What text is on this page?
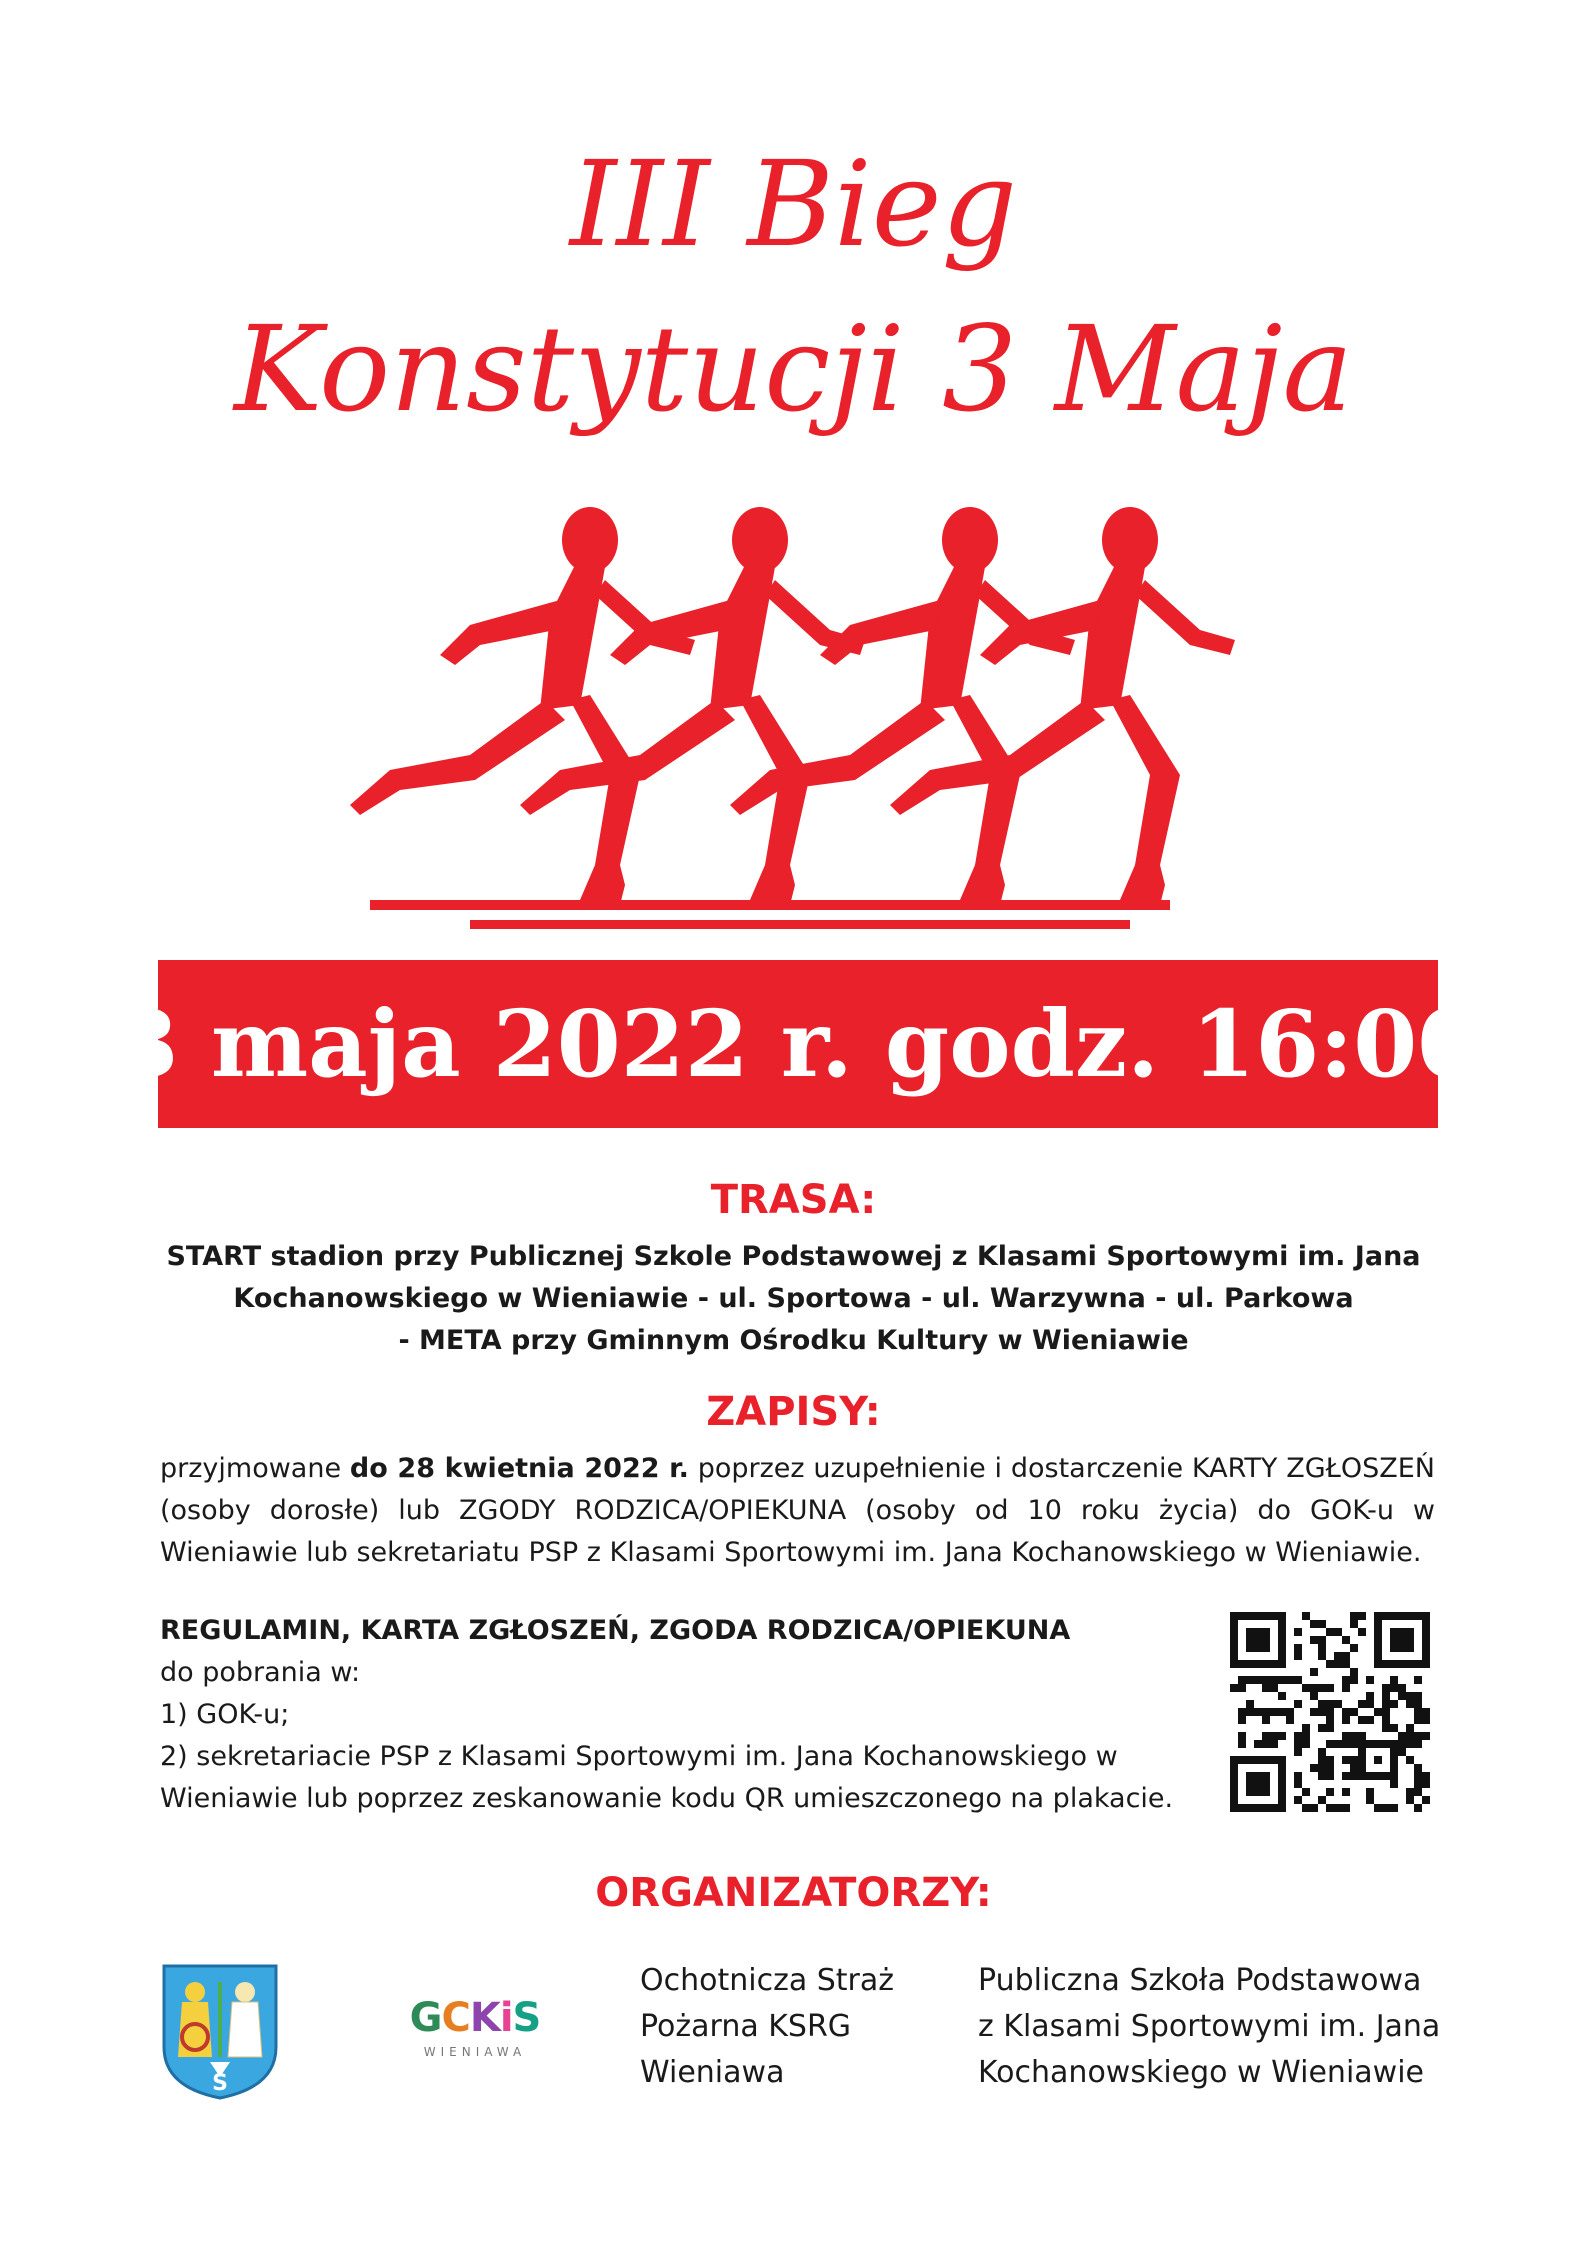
III Bieg
Konstytucji 3 Maja
3 maja 2022 r. godz. 16:00
TRASA:
START stadion przy Publicznej Szkole Podstawowej z Klasami Sportowymi im. Jana
Kochanowskiego w Wieniawie - ul. Sportowa - ul. Warzywna - ul. Parkowa
- META przy Gminnym Ośrodku Kultury w Wieniawie
ZAPISY:
przyjmowane do 28 kwietnia 2022 r. poprzez uzupełnienie i dostarczenie KARTY ZGŁOSZEŃ (osoby dorosłe) lub ZGODY RODZICA/OPIEKUNA (osoby od 10 roku życia) do GOK-u w Wieniawie lub sekretariatu PSP z Klasami Sportowymi im. Jana Kochanowskiego w Wieniawie.
REGULAMIN, KARTA ZGŁOSZEŃ, ZGODA RODZICA/OPIEKUNA
do pobrania w:
1) GOK-u;
2) sekretariacie PSP z Klasami Sportowymi im. Jana Kochanowskiego w
Wieniawie lub poprzez zeskanowanie kodu QR umieszczonego na plakacie.
ORGANIZATORZY:
S
GCKiS
WIENIAWA
Ochotnicza Straż
Pożarna KSRG
Wieniawa
Publiczna Szkoła Podstawowa
z Klasami Sportowymi im. Jana
Kochanowskiego w Wieniawie
